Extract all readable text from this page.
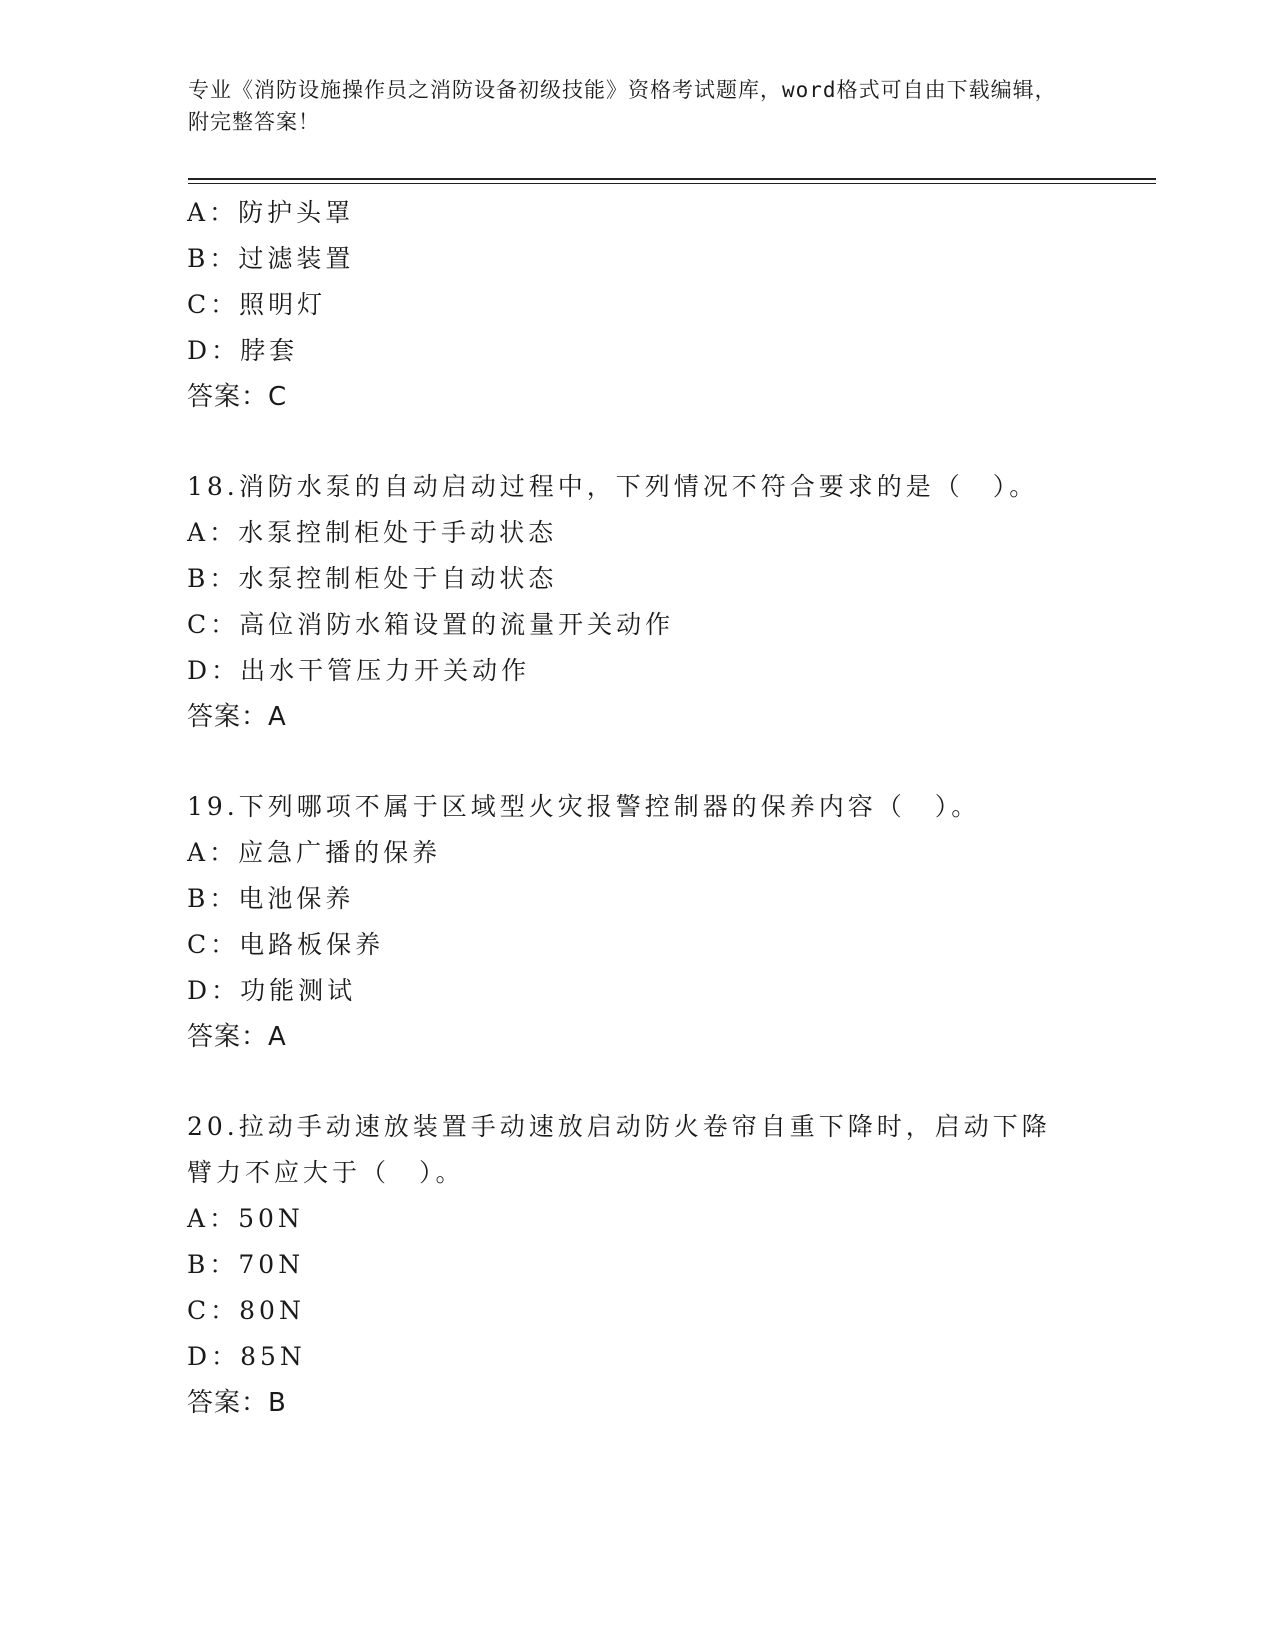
专业《消防设施操作员之消防设备初级技能》资格考试题库，word格式可自由下载编辑，附完整答案！
A：防护头罩
B：过滤装置
C：照明灯
D：脖套
答案：C
18.消防水泵的自动启动过程中，下列情况不符合要求的是（　）。
A：水泵控制柜处于手动状态
B：水泵控制柜处于自动状态
C：高位消防水箱设置的流量开关动作
D：出水干管压力开关动作
答案：A
19.下列哪项不属于区域型火灾报警控制器的保养内容（　）。
A：应急广播的保养
B：电池保养
C：电路板保养
D：功能测试
答案：A
20.拉动手动速放装置手动速放启动防火卷帘自重下降时，启动下降臂力不应大于（　）。
A：50N
B：70N
C：80N
D：85N
答案：B
